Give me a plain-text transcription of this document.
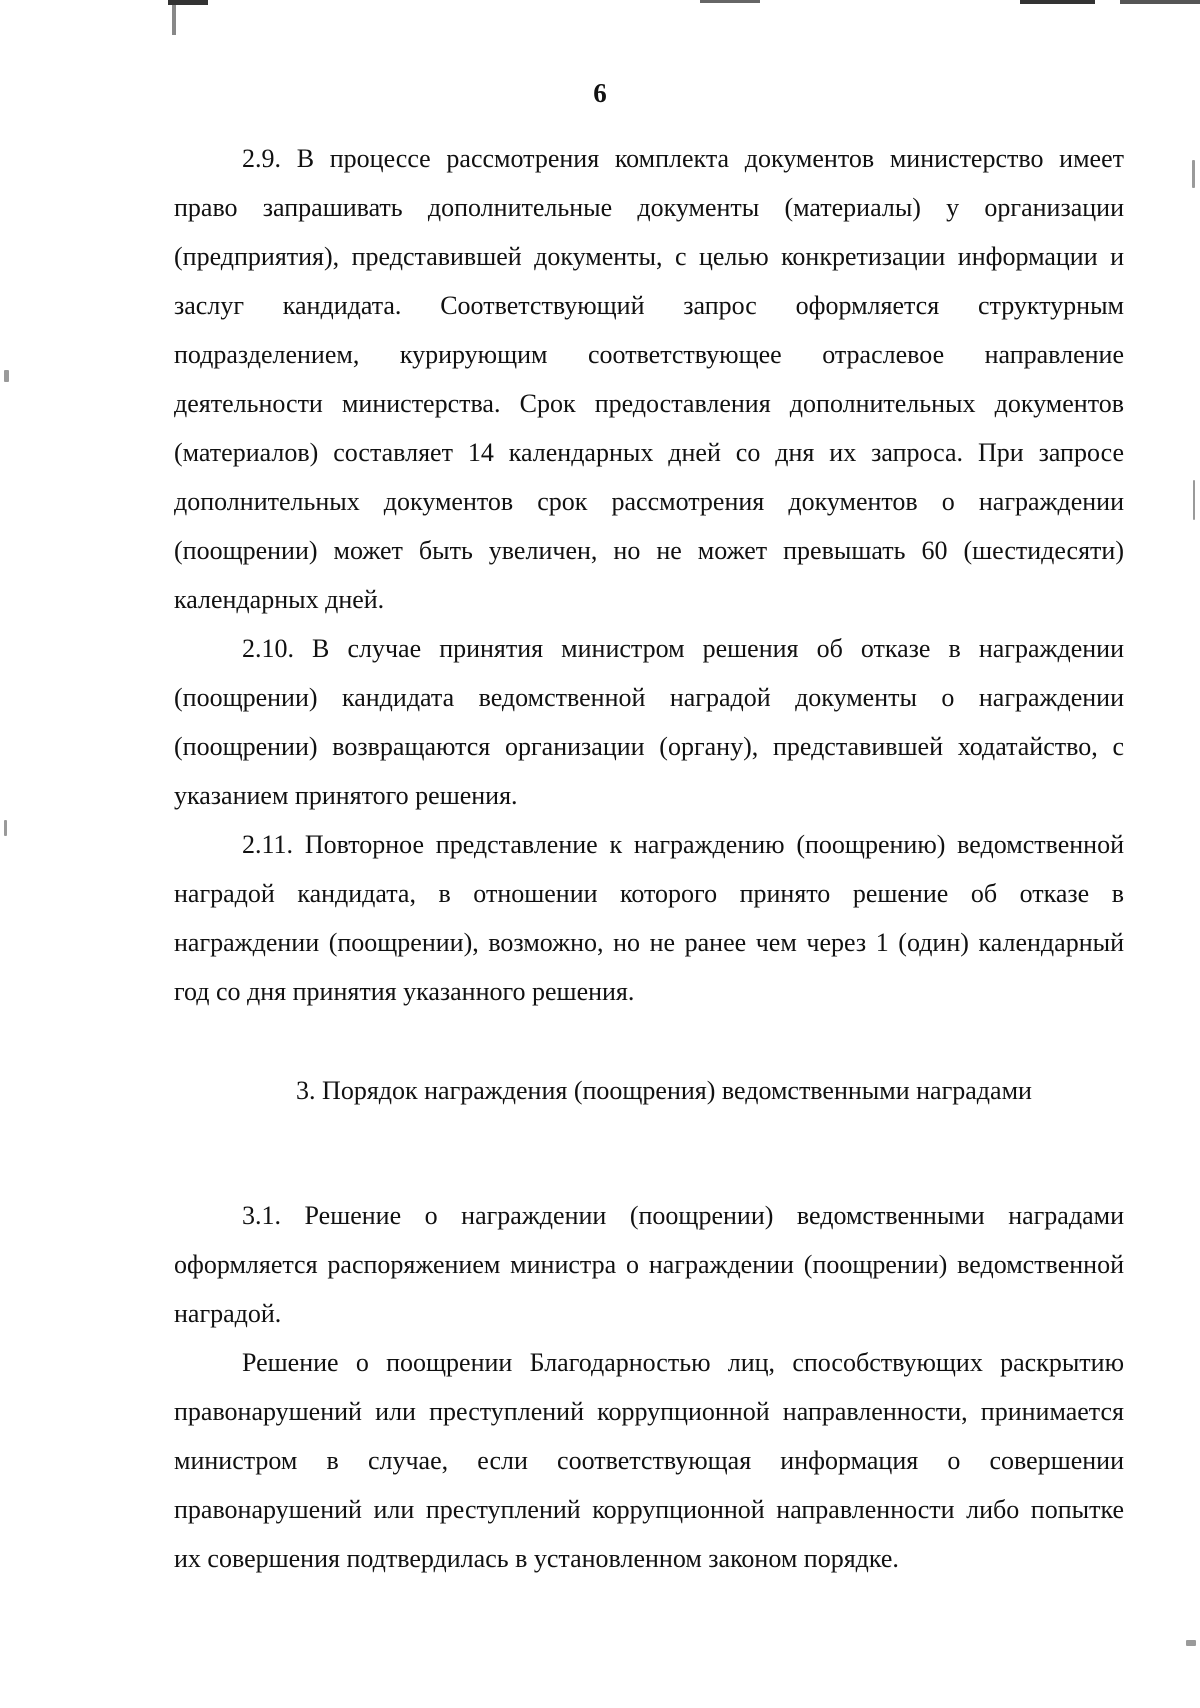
6

2.9. В процессе рассмотрения комплекта документов министерство имеет право запрашивать дополнительные документы (материалы) у организации (предприятия), представившей документы, с целью конкретизации информации и заслуг кандидата. Соответствующий запрос оформляется структурным подразделением, курирующим соответствующее отраслевое направление деятельности министерства. Срок предоставления дополнительных документов (материалов) составляет 14 календарных дней со дня их запроса. При запросе дополнительных документов срок рассмотрения документов о награждении (поощрении) может быть увеличен, но не может превышать 60 (шестидесяти) календарных дней.

2.10. В случае принятия министром решения об отказе в награждении (поощрении) кандидата ведомственной наградой документы о награждении (поощрении) возвращаются организации (органу), представившей ходатайство, с указанием принятого решения.

2.11. Повторное представление к награждению (поощрению) ведомственной наградой кандидата, в отношении которого принято решение об отказе в награждении (поощрении), возможно, но не ранее чем через 1 (один) календарный год со дня принятия указанного решения.

3. Порядок награждения (поощрения) ведомственными наградами

3.1. Решение о награждении (поощрении) ведомственными наградами оформляется распоряжением министра о награждении (поощрении) ведомственной наградой.

Решение о поощрении Благодарностью лиц, способствующих раскрытию правонарушений или преступлений коррупционной направленности, принимается министром в случае, если соответствующая информация о совершении правонарушений или преступлений коррупционной направленности либо попытке их совершения подтвердилась в установленном законом порядке.
